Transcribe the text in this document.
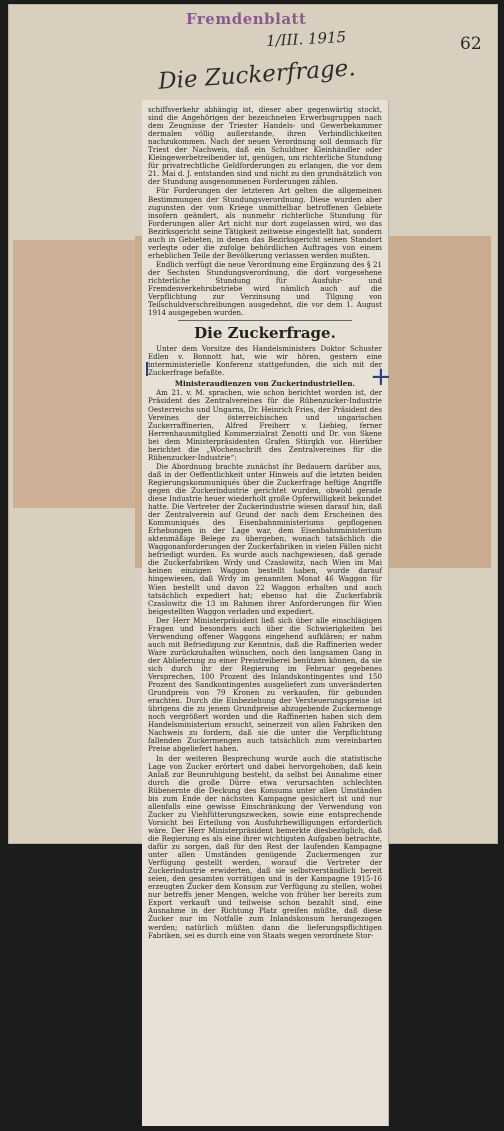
Fremdenblatt
1/III. 1915	62
Die Zuckerfrage.

schiffsverkehr abhängig ist, dieser aber gegenwärtig stockt, sind die Angehörigen der bezeichneten Erwerbsgruppen nach dem Zeugnisse der Triester Handels- und Gewerbekammer dermalen völlig außerstande, ihren Verbindlichkeiten nachzukommen. Nach der neuen Verordnung soll demnach für Triest der Nachweis, daß ein Schuldner Kleinhändler oder Kleingewerbetreibender ist, genügen, um richterliche Stundung für privatrechtliche Geldforderungen zu erlangen, die vor dem 21. Mai d. J. entstanden sind und nicht zu den grundsätzlich von der Stundung ausgenommenen Forderungen zählen.

Für Forderungen der letzteren Art gelten die allgemeinen Bestimmungen der Stundungsverordnung. Diese wurden aber zugunsten der vom Kriege unmittelbar betroffenen Gebiete insofern geändert, als nunmehr richterliche Stundung für Forderungen aller Art nicht nur dort zugelassen wird, wo das Bezirksgericht seine Tätigkeit zeitweise eingestellt hat, sondern auch in Gebieten, in denen das Bezirksgericht seinen Standort verlegte oder die zufolge behördlichen Auftrages von einem erheblichen Teile der Bevölkerung verlassen werden mußten.

Endlich verfügt die neue Verordnung eine Ergänzung des § 21 der Sechsten Stundungsverordnung, die dort vorgesehene richterliche Stundung für Ausfuhr- und Fremdenverkehrsbetriebe wird nämlich auch auf die Verpflichtung zur Verzinsung und Tilgung von Teilschuldverschreibungen ausgedehnt, die vor dem 1. August 1914 ausgegeben wurden.

Die Zuckerfrage.

Unter dem Vorsitze des Handelsministers Doktor Schuster Edlen v. Bonnott hat, wie wir hören, gestern eine interministerielle Konferenz stattgefunden, die sich mit der Zuckerfrage befaßte.

Ministeraudienzen von Zuckerindustriellen.

Am 21. v. M. sprachen, wie schon berichtet worden ist, der Präsident des Zentralvereines für die Rübenzucker-Industrie Oesterreichs und Ungarns, Dr. Heinrich Fries, der Präsident des Vereines der österreichischen und ungarischen Zuckerraffinerien, Alfred Freiherr v. Liebieg, ferner Herrenhausmitglied Kommerzialrat Zenotti und Dr. von Skene bei dem Ministerpräsidenten Grafen Stürgkh vor. Hierüber berichtet die „Wochenschrift des Zentralvereines für die Rübenzucker-Industrie“:

Die Abordnung brachte zunächst ihr Bedauern darüber aus, daß in der Oeffentlichkeit unter Hinweis auf die letzten beiden Regierungskommuniqués über die Zuckerfrage heftige Angriffe gegen die Zuckerindustrie gerichtet wurden, obwohl gerade diese Industrie heuer wiederholt große Opferwilligkeit bekundet hatte. Die Vertreter der Zuckerindustrie wiesen darauf hin, daß der Zentralverein auf Grund der nach dem Erscheinen des Kommuniqués des Eisenbahnministeriums gepflogenen Erhebungen in der Lage war, dem Eisenbahnministerium aktenmäßige Belege zu übergeben, wonach tatsächlich die Waggonanforderungen der Zuckerfabriken in vielen Fällen nicht befriedigt wurden. Es wurde auch nachgewiesen, daß gerade die Zuckerfabriken Wrdy und Czaslowitz, nach Wien im Mai keinen einzigen Waggon bestellt haben, wurde darauf hingewiesen, daß Wrdy im genannten Monat 46 Waggon für Wien bestellt und davon 22 Waggon erhalten und auch tatsächlich expediert hat; ebenso hat die Zuckerfabrik Czaslowitz die 13 im Rahmen ihrer Anforderungen für Wien beigestellten Waggon verladen und expediert.

Der Herr Ministerpräsident ließ sich über alle einschlägigen Fragen und besonders auch über die Schwierigkeiten bei Verwendung offener Waggons eingehend aufklären; er nahm auch mit Befriedigung zur Kenntnis, daß die Raffinerien weder Ware zurückzuhalten wünschen, noch den langsamen Gang in der Ablieferung zu einer Preistreiberei benützen können, da sie sich durch ihr der Regierung im Februar gegebenes Versprechen, 100 Prozent des Inlandskontingentes und 150 Prozent des Sandkontingentes ausgeliefert zum unveränderten Grundpreis von 79 Kronen zu verkaufen, für gebunden erachten. Durch die Einbeziehung der Versteuerungspreise ist übrigens die zu jenem Grundpreise abzugebende Zuckermenge noch vergrößert worden und die Raffinerien haben sich dem Handelsministerium ersucht, seinerzeit von allen Fabriken den Nachweis zu fordern, daß sie die unter die Verpflichtung fallenden Zuckermengen auch tatsächlich zum vereinbarten Preise abgeliefert haben.

In der weiteren Besprechung wurde auch die statistische Lage von Zucker erörtert und dabei hervorgehoben, daß kein Anlaß zur Beunruhigung besteht, da selbst bei Annahme einer durch die große Dürre etwa verursachten schlechten Rübenernte die Deckung des Konsums unter allen Umständen bis zum Ende der nächsten Kampagne gesichert ist und nur allenfalls eine gewisse Einschränkung der Verwendung von Zucker zu Viehfütterungszwecken, sowie eine entsprechende Vorsicht bei Erteilung von Ausfuhrbewilligungen erforderlich wäre. Der Herr Ministerpräsident bemerkte diesbezüglich, daß die Regierung es als eine ihrer wichtigsten Aufgaben betrachte, dafür zu sorgen, daß für den Rest der laufenden Kampagne unter allen Umständen genügende Zuckermengen zur Verfügung gestellt werden, worauf die Vertreter der Zuckerindustrie erwiderten, daß sie selbstverständlich bereit seien, den gesamten vorrätigen und in der Kampagne 1915-16 erzeugten Zucker dem Konsum zur Verfügung zu stellen, wobei nur betreffs jener Mengen, welche von früher her bereits zum Export verkauft und teilweise schon bezahlt sind, eine Ausnahme in der Richtung Platz greifen müßte, daß diese Zucker nur im Notfalle zum Inlandskonsum herangezogen werden; natürlich müßten dann die lieferungspflichtigen Fabriken, sei es durch eine von Staats wegen verordnete Stor-

+
